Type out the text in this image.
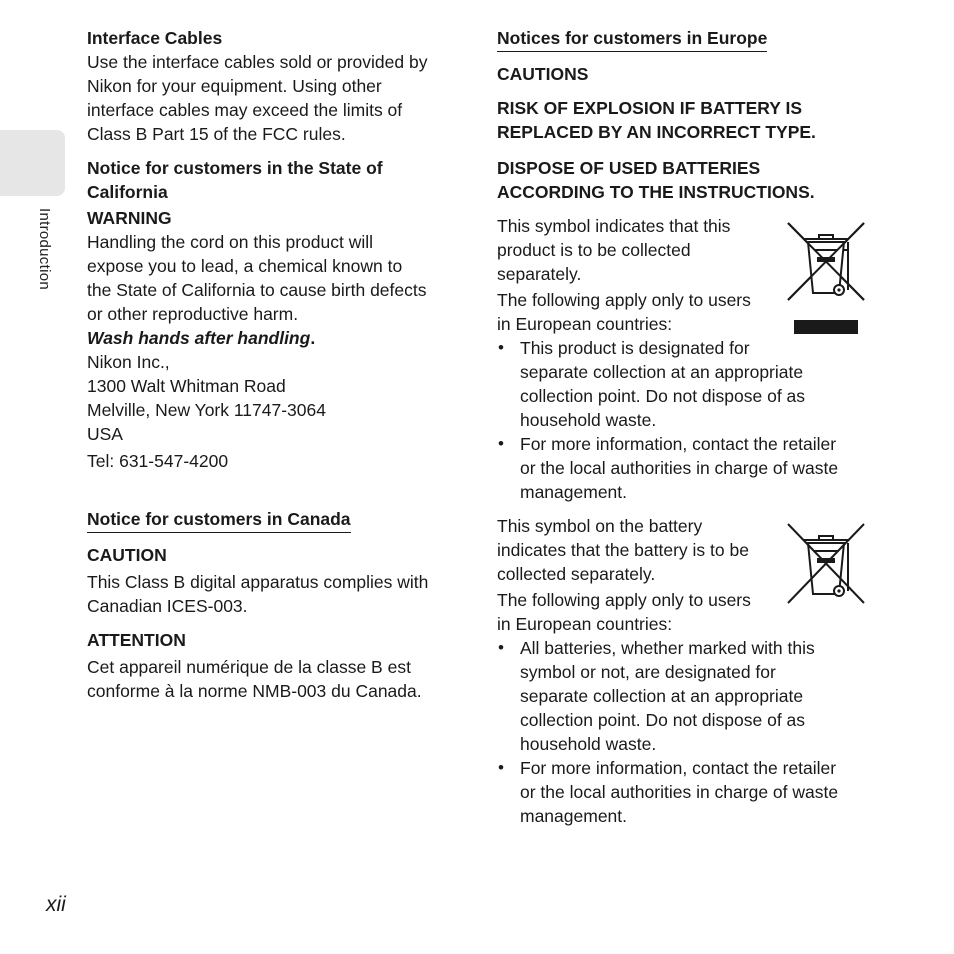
Introduction
Interface Cables
Use the interface cables sold or provided by
Nikon for your equipment. Using other
interface cables may exceed the limits of
Class B Part 15 of the FCC rules.
Notice for customers in the State of
California
WARNING
Handling the cord on this product will
expose you to lead, a chemical known to
the State of California to cause birth defects
or other reproductive harm.
Wash hands after handling.
Nikon Inc.,
1300 Walt Whitman Road
Melville, New York 11747-3064
USA
Tel: 631-547-4200
Notice for customers in Canada
CAUTION
This Class B digital apparatus complies with
Canadian ICES-003.
ATTENTION
Cet appareil numérique de la classe B est
conforme à la norme NMB-003 du Canada.
Notices for customers in Europe
CAUTIONS
RISK OF EXPLOSION IF BATTERY IS
REPLACED BY AN INCORRECT TYPE.
DISPOSE OF USED BATTERIES
ACCORDING TO THE INSTRUCTIONS.
This symbol indicates that this
product is to be collected
separately.
The following apply only to users
in European countries:
• This product is designated for
separate collection at an appropriate
collection point. Do not dispose of as
household waste.
• For more information, contact the retailer
or the local authorities in charge of waste
management.
This symbol on the battery
indicates that the battery is to be
collected separately.
The following apply only to users
in European countries:
• All batteries, whether marked with this
symbol or not, are designated for
separate collection at an appropriate
collection point. Do not dispose of as
household waste.
• For more information, contact the retailer
or the local authorities in charge of waste
management.
xii
